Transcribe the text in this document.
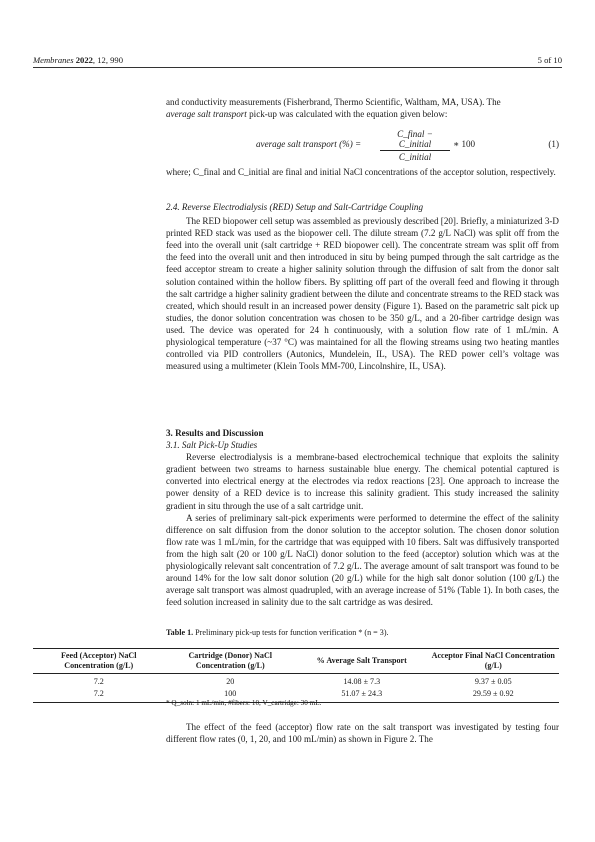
Membranes 2022, 12, 990	5 of 10

and conductivity measurements (Fisherbrand, Thermo Scientific, Waltham, MA, USA). The

average salt transport pick-up was calculated with the equation given below:

average salt transport (%) =
C_final − C_initial
C_initial
∗ 100	(1)

where; C_final and C_initial are final and initial NaCl concentrations of the acceptor solution, respectively.

2.4. Reverse Electrodialysis (RED) Setup and Salt-Cartridge Coupling

The RED biopower cell setup was assembled as previously described [20]. Briefly, a miniaturized 3-D printed RED stack was used as the biopower cell. The dilute stream (7.2 g/L NaCl) was split off from the feed into the overall unit (salt cartridge + RED biopower cell). The concentrate stream was split off from the feed into the overall unit and then introduced in situ by being pumped through the salt cartridge as the feed acceptor stream to create a higher salinity solution through the diffusion of salt from the donor salt solution contained within the hollow fibers. By splitting off part of the overall feed and flowing it through the salt cartridge a higher salinity gradient between the dilute and concentrate streams to the RED stack was created, which should result in an increased power density (Figure 1). Based on the parametric salt pick up studies, the donor solution concentration was chosen to be 350 g/L, and a 20-fiber cartridge design was used. The device was operated for 24 h continuously, with a solution flow rate of 1 mL/min. A physiological temperature (~37 °C) was maintained for all the flowing streams using two heating mantles controlled via PID controllers (Autonics, Mundelein, IL, USA). The RED power cell’s voltage was measured using a multimeter (Klein Tools MM-700, Lincolnshire, IL, USA).

3. Results and Discussion

3.1. Salt Pick-Up Studies

Reverse electrodialysis is a membrane-based electrochemical technique that exploits the salinity gradient between two streams to harness sustainable blue energy. The chemical potential captured is converted into electrical energy at the electrodes via redox reactions [23]. One approach to increase the power density of a RED device is to increase this salinity gradient. This study increased the salinity gradient in situ through the use of a salt cartridge unit.

A series of preliminary salt-pick experiments were performed to determine the effect of the salinity difference on salt diffusion from the donor solution to the acceptor solution. The chosen donor solution flow rate was 1 mL/min, for the cartridge that was equipped with 10 fibers. Salt was diffusively transported from the high salt (20 or 100 g/L NaCl) donor solution to the feed (acceptor) solution which was at the physiologically relevant salt concentration of 7.2 g/L. The average amount of salt transport was found to be around 14% for the low salt donor solution (20 g/L) while for the high salt donor solution (100 g/L) the average salt transport was almost quadrupled, with an average increase of 51% (Table 1). In both cases, the feed solution increased in salinity due to the salt cartridge as was desired.

Table 1. Preliminary pick-up tests for function verification * (n = 3).
Feed (Acceptor) NaCl Concentration (g/L)	Cartridge (Donor) NaCl Concentration (g/L)	% Average Salt Transport	Acceptor Final NaCl Concentration (g/L)
7.2	20	14.08 ± 7.3	9.37 ± 0.05
7.2	100	51.07 ± 24.3	29.59 ± 0.92
* Q_soln: 1 mL/min, #fibers: 10, V_cartridge: 30 mL.

The effect of the feed (acceptor) flow rate on the salt transport was investigated by testing four different flow rates (0, 1, 20, and 100 mL/min) as shown in Figure 2. The
